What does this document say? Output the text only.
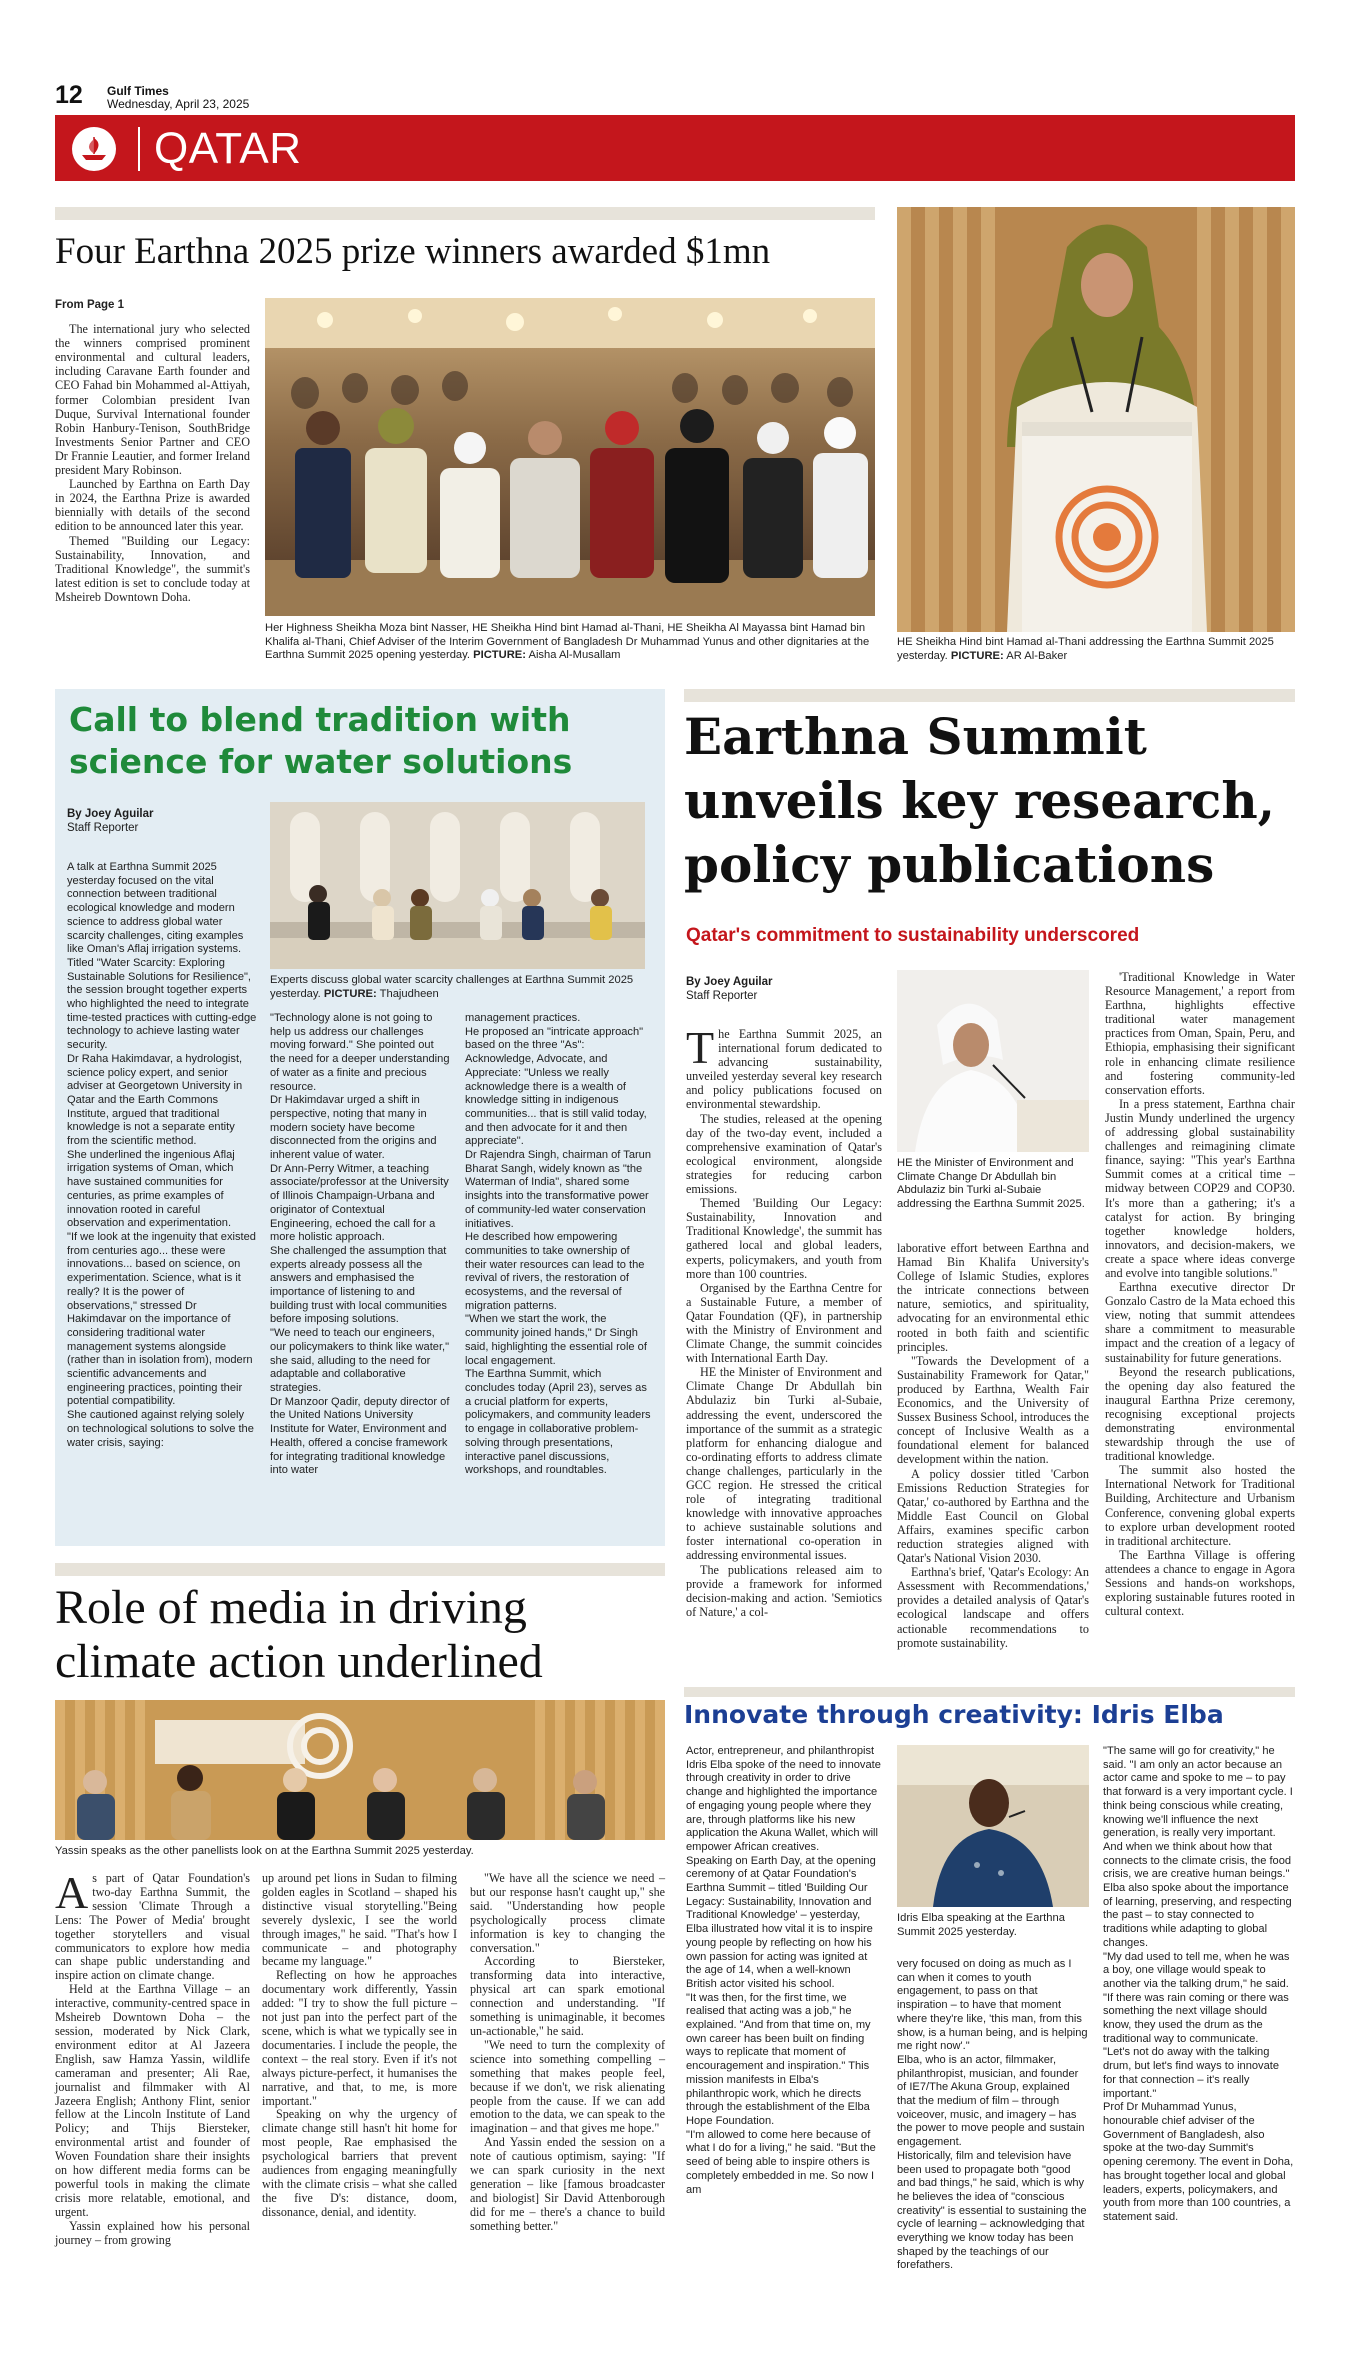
12 Gulf Times
Wednesday, April 23, 2025
QATAR
Four Earthna 2025 prize winners awarded $1mn

From Page 1

The international jury who selected the winners comprised prominent environmental and cultural leaders, including Caravane Earth founder and CEO Fahad bin Mohammed al-Attiyah, former Colombian president Ivan Duque, Survival International founder Robin Hanbury-Tenison, SouthBridge Investments Senior Partner and CEO Dr Frannie Leautier, and former Ireland president Mary Robinson.

Launched by Earthna on Earth Day in 2024, the Earthna Prize is awarded biennially with details of the second edition to be announced later this year.

Themed "Building our Legacy: Sustainability, Innovation, and Traditional Knowledge", the summit's latest edition is set to conclude today at Msheireb Downtown Doha.

Her Highness Sheikha Moza bint Nasser, HE Sheikha Hind bint Hamad al-Thani, HE Sheikha Al Mayassa bint Hamad bin Khalifa al-Thani, Chief Adviser of the Interim Government of Bangladesh Dr Muhammad Yunus and other dignitaries at the Earthna Summit 2025 opening yesterday. PICTURE: Aisha Al-Musallam
HE Sheikha Hind bint Hamad al-Thani addressing the Earthna Summit 2025 yesterday. PICTURE: AR Al-Baker
Call to blend tradition with science for water solutions
By Joey Aguilar
Staff Reporter
Experts discuss global water scarcity challenges at Earthna Summit 2025 yesterday. PICTURE: Thajudheen

A talk at Earthna Summit 2025 yesterday focused on the vital connection between traditional ecological knowledge and modern science to address global water scarcity challenges, citing examples like Oman's Aflaj irrigation systems.

Titled "Water Scarcity: Exploring Sustainable Solutions for Resilience", the session brought together experts who highlighted the need to integrate time-tested practices with cutting-edge technology to achieve lasting water security.

Dr Raha Hakimdavar, a hydrologist, science policy expert, and senior adviser at Georgetown University in Qatar and the Earth Commons Institute, argued that traditional knowledge is not a separate entity from the scientific method.

She underlined the ingenious Aflaj irrigation systems of Oman, which have sustained communities for centuries, as prime examples of innovation rooted in careful observation and experimentation.

"If we look at the ingenuity that existed from centuries ago... these were innovations... based on science, on experimentation. Science, what is it really? It is the power of observations," stressed Dr Hakimdavar on the importance of considering traditional water management systems alongside (rather than in isolation from), modern scientific advancements and engineering practices, pointing their potential compatibility.

She cautioned against relying solely on technological solutions to solve the water crisis, saying:

"Technology alone is not going to help us address our challenges moving forward." She pointed out the need for a deeper understanding of water as a finite and precious resource.

Dr Hakimdavar urged a shift in perspective, noting that many in modern society have become disconnected from the origins and inherent value of water.

Dr Ann-Perry Witmer, a teaching associate/professor at the University of Illinois Champaign-Urbana and originator of Contextual Engineering, echoed the call for a more holistic approach.

She challenged the assumption that experts already possess all the answers and emphasised the importance of listening to and building trust with local communities before imposing solutions.

"We need to teach our engineers, our policymakers to think like water," she said, alluding to the need for adaptable and collaborative strategies.

Dr Manzoor Qadir, deputy director of the United Nations University Institute for Water, Environment and Health, offered a concise framework for integrating traditional knowledge into water

management practices.

He proposed an "intricate approach" based on the three "As": Acknowledge, Advocate, and Appreciate: "Unless we really acknowledge there is a wealth of knowledge sitting in indigenous communities... that is still valid today, and then advocate for it and then appreciate".

Dr Rajendra Singh, chairman of Tarun Bharat Sangh, widely known as "the Waterman of India", shared some insights into the transformative power of community-led water conservation initiatives.

He described how empowering communities to take ownership of their water resources can lead to the revival of rivers, the restoration of ecosystems, and the reversal of migration patterns.

"When we start the work, the community joined hands," Dr Singh said, highlighting the essential role of local engagement.

The Earthna Summit, which concludes today (April 23), serves as a crucial platform for experts, policymakers, and community leaders to engage in collaborative problem-solving through presentations, interactive panel discussions, workshops, and roundtables.

Earthna Summit unveils key research, policy publications
Qatar's commitment to sustainability underscored
By Joey Aguilar
Staff Reporter

The Earthna Summit 2025, an international forum dedicated to advancing sustainability, unveiled yesterday several key research and policy publications focused on environmental stewardship.

The studies, released at the opening day of the two-day event, included a comprehensive examination of Qatar's ecological environment, alongside strategies for reducing carbon emissions.

Themed 'Building Our Legacy: Sustainability, Innovation and Traditional Knowledge', the summit has gathered local and global leaders, experts, policymakers, and youth from more than 100 countries.

Organised by the Earthna Centre for a Sustainable Future, a member of Qatar Foundation (QF), in partnership with the Ministry of Environment and Climate Change, the summit coincides with International Earth Day.

HE the Minister of Environment and Climate Change Dr Abdullah bin Abdulaziz bin Turki al-Subaie, addressing the event, underscored the importance of the summit as a strategic platform for enhancing dialogue and co-ordinating efforts to address climate change challenges, particularly in the GCC region. He stressed the critical role of integrating traditional knowledge with innovative approaches to achieve sustainable solutions and foster international co-operation in addressing environmental issues.

The publications released aim to provide a framework for informed decision-making and action. 'Semiotics of Nature,' a col-

HE the Minister of Environment and Climate Change Dr Abdullah bin Abdulaziz bin Turki al-Subaie addressing the Earthna Summit 2025.

laborative effort between Earthna and Hamad Bin Khalifa University's College of Islamic Studies, explores the intricate connections between nature, semiotics, and spirituality, advocating for an environmental ethic rooted in both faith and scientific principles.

"Towards the Development of a Sustainability Framework for Qatar," produced by Earthna, Wealth Fair Economics, and the University of Sussex Business School, introduces the concept of Inclusive Wealth as a foundational element for balanced development within the nation.

A policy dossier titled 'Carbon Emissions Reduction Strategies for Qatar,' co-authored by Earthna and the Middle East Council on Global Affairs, examines specific carbon reduction strategies aligned with Qatar's National Vision 2030.

Earthna's brief, 'Qatar's Ecology: An Assessment with Recommendations,' provides a detailed analysis of Qatar's ecological landscape and offers actionable recommendations to promote sustainability.

'Traditional Knowledge in Water Resource Management,' a report from Earthna, highlights effective traditional water management practices from Oman, Spain, Peru, and Ethiopia, emphasising their significant role in enhancing climate resilience and fostering community-led conservation efforts.

In a press statement, Earthna chair Justin Mundy underlined the urgency of addressing global sustainability challenges and reimagining climate finance, saying: "This year's Earthna Summit comes at a critical time – midway between COP29 and COP30. It's more than a gathering; it's a catalyst for action. By bringing together knowledge holders, innovators, and decision-makers, we create a space where ideas converge and evolve into tangible solutions."

Earthna executive director Dr Gonzalo Castro de la Mata echoed this view, noting that summit attendees share a commitment to measurable impact and the creation of a legacy of sustainability for future generations.

Beyond the research publications, the opening day also featured the inaugural Earthna Prize ceremony, recognising exceptional projects demonstrating environmental stewardship through the use of traditional knowledge.

The summit also hosted the International Network for Traditional Building, Architecture and Urbanism Conference, convening global experts to explore urban development rooted in traditional architecture.

The Earthna Village is offering attendees a chance to engage in Agora Sessions and hands-on workshops, exploring sustainable futures rooted in cultural context.

Role of media in driving climate action underlined
Yassin speaks as the other panellists look on at the Earthna Summit 2025 yesterday.

As part of Qatar Foundation's two-day Earthna Summit, the session 'Climate Through a Lens: The Power of Media' brought together storytellers and visual communicators to explore how media can shape public understanding and inspire action on climate change.

Held at the Earthna Village – an interactive, community-centred space in Msheireb Downtown Doha – the session, moderated by Nick Clark, environment editor at Al Jazeera English, saw Hamza Yassin, wildlife cameraman and presenter; Ali Rae, journalist and filmmaker with Al Jazeera English; Anthony Flint, senior fellow at the Lincoln Institute of Land Policy; and Thijs Biersteker, environmental artist and founder of Woven Foundation share their insights on how different media forms can be powerful tools in making the climate crisis more relatable, emotional, and urgent.

Yassin explained how his personal journey – from growing

up around pet lions in Sudan to filming golden eagles in Scotland – shaped his distinctive visual storytelling."Being severely dyslexic, I see the world through images," he said. "That's how I communicate – and photography became my language."

Reflecting on how he approaches documentary work differently, Yassin added: "I try to show the full picture – not just pan into the perfect part of the scene, which is what we typically see in documentaries. I include the people, the context – the real story. Even if it's not always picture-perfect, it humanises the narrative, and that, to me, is more important."

Speaking on why the urgency of climate change still hasn't hit home for most people, Rae emphasised the psychological barriers that prevent audiences from engaging meaningfully with the climate crisis – what she called the five D's: distance, doom, dissonance, denial, and identity.

"We have all the science we need – but our response hasn't caught up," she said. "Understanding how people psychologically process climate information is key to changing the conversation."

According to Biersteker, transforming data into interactive, physical art can spark emotional connection and understanding. "If something is unimaginable, it becomes un-actionable," he said.

"We need to turn the complexity of science into something compelling – something that makes people feel, because if we don't, we risk alienating people from the cause. If we can add emotion to the data, we can speak to the imagination – and that gives me hope."

And Yassin ended the session on a note of cautious optimism, saying: "If we can spark curiosity in the next generation – like [famous broadcaster and biologist] Sir David Attenborough did for me – there's a chance to build something better."

Innovate through creativity: Idris Elba

Actor, entrepreneur, and philanthropist Idris Elba spoke of the need to innovate through creativity in order to drive change and highlighted the importance of engaging young people where they are, through platforms like his new application the Akuna Wallet, which will empower African creatives.

Speaking on Earth Day, at the opening ceremony of at Qatar Foundation's Earthna Summit – titled 'Building Our Legacy: Sustainability, Innovation and Traditional Knowledge' – yesterday, Elba illustrated how vital it is to inspire young people by reflecting on how his own passion for acting was ignited at the age of 14, when a well-known British actor visited his school.

"It was then, for the first time, we realised that acting was a job," he explained. "And from that time on, my own career has been built on finding ways to replicate that moment of encouragement and inspiration." This mission manifests in Elba's philanthropic work, which he directs through the establishment of the Elba Hope Foundation.

"I'm allowed to come here because of what I do for a living," he said. "But the seed of being able to inspire others is completely embedded in me. So now I am

Idris Elba speaking at the Earthna Summit 2025 yesterday.

very focused on doing as much as I can when it comes to youth engagement, to pass on that inspiration – to have that moment where they're like, 'this man, from this show, is a human being, and is helping me right now'."

Elba, who is an actor, filmmaker, philanthropist, musician, and founder of IE7/The Akuna Group, explained that the medium of film – through voiceover, music, and imagery – has the power to move people and sustain engagement.

Historically, film and television have been used to propagate both "good and bad things," he said, which is why he believes the idea of "conscious creativity" is essential to sustaining the cycle of learning – acknowledging that everything we know today has been shaped by the teachings of our forefathers.

"The same will go for creativity," he said. "I am only an actor because an actor came and spoke to me – to pay that forward is a very important cycle. I think being conscious while creating, knowing we'll influence the next generation, is really very important. And when we think about how that connects to the climate crisis, the food crisis, we are creative human beings."

Elba also spoke about the importance of learning, preserving, and respecting the past – to stay connected to traditions while adapting to global changes.

"My dad used to tell me, when he was a boy, one village would speak to another via the talking drum," he said. "If there was rain coming or there was something the next village should know, they used the drum as the traditional way to communicate.

"Let's not do away with the talking drum, but let's find ways to innovate for that connection – it's really important."

Prof Dr Muhammad Yunus, honourable chief adviser of the Government of Bangladesh, also spoke at the two-day Summit's opening ceremony. The event in Doha, has brought together local and global leaders, experts, policymakers, and youth from more than 100 countries, a statement said.
